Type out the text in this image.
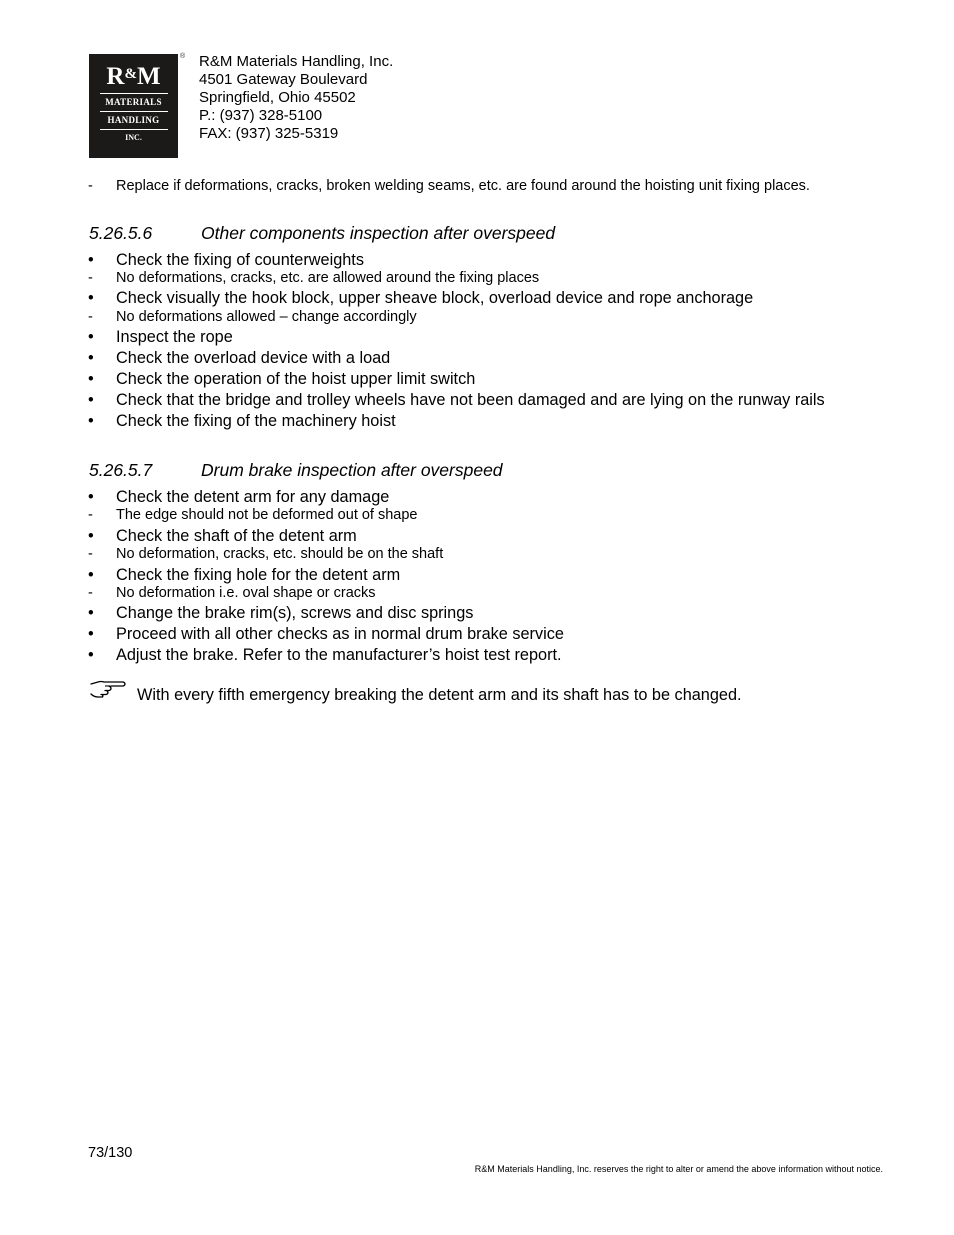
R&M
MATERIALS
HANDLING
INC.
® R&M Materials Handling, Inc.
4501 Gateway Boulevard
Springfield, Ohio 45502
P.: (937) 328-5100
FAX: (937) 325-5319
- Replace if deformations, cracks, broken welding seams, etc. are found around the hoisting unit fixing places.
5.26.5.6	Other components inspection after overspeed
• Check the fixing of counterweights
- No deformations, cracks, etc. are allowed around the fixing places
• Check visually the hook block, upper sheave block, overload device and rope anchorage
- No deformations allowed – change accordingly
• Inspect the rope
• Check the overload device with a load
• Check the operation of the hoist upper limit switch
• Check that the bridge and trolley wheels have not been damaged and are lying on the runway rails
• Check the fixing of the machinery hoist
5.26.5.7	Drum brake inspection after overspeed
• Check the detent arm for any damage
- The edge should not be deformed out of shape
• Check the shaft of the detent arm
- No deformation, cracks, etc. should be on the shaft
• Check the fixing hole for the detent arm
- No deformation i.e. oval shape or cracks
• Change the brake rim(s), screws and disc springs
• Proceed with all other checks as in normal drum brake service
• Adjust the brake. Refer to the manufacturer’s hoist test report.
With every fifth emergency breaking the detent arm and its shaft has to be changed.
73/130
R&M Materials Handling, Inc. reserves the right to alter or amend the above information without notice.
